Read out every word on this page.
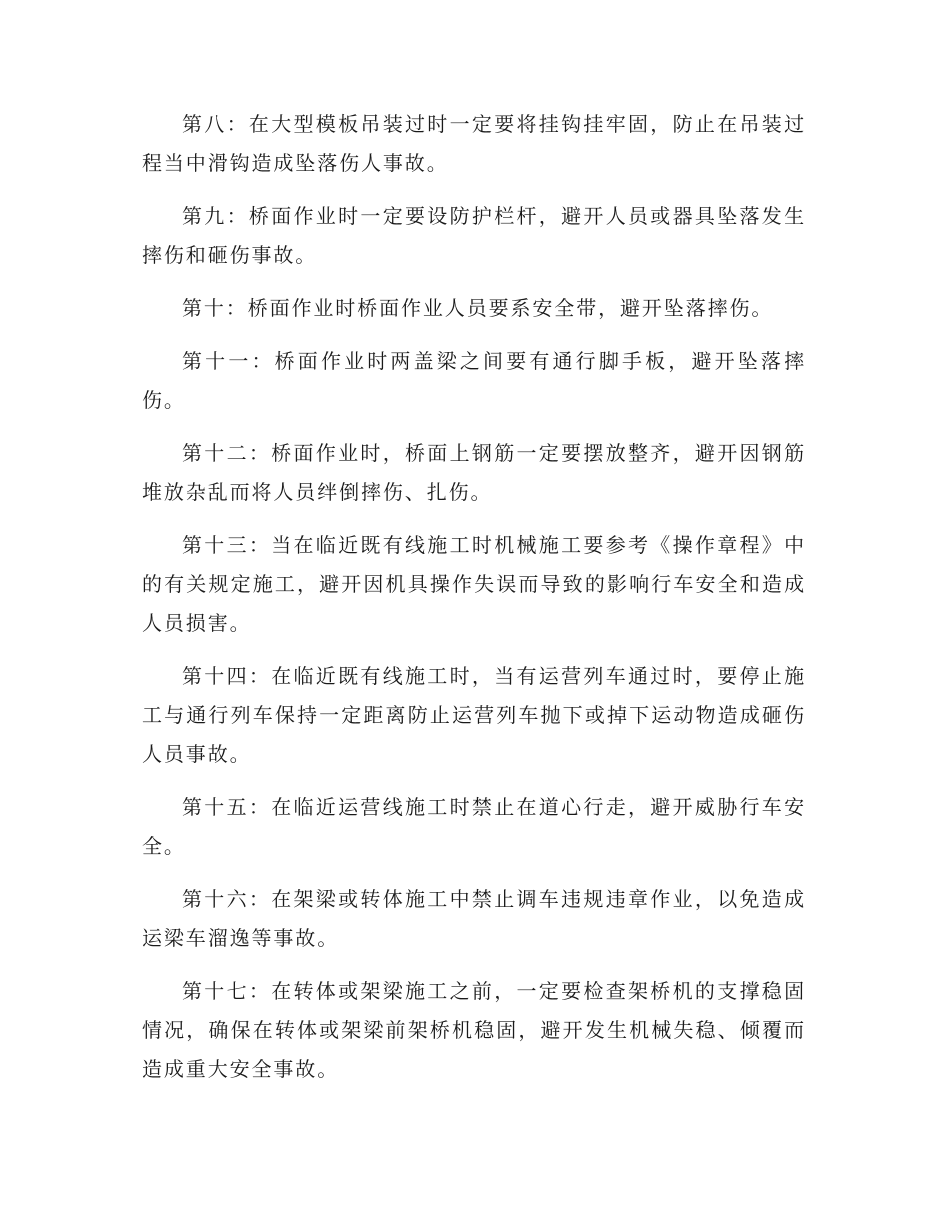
第八：在大型模板吊装过时一定要将挂钩挂牢固，防止在吊装过程当中滑钩造成坠落伤人事故。

第九：桥面作业时一定要设防护栏杆，避开人员或器具坠落发生摔伤和砸伤事故。

第十：桥面作业时桥面作业人员要系安全带，避开坠落摔伤。

第十一：桥面作业时两盖梁之间要有通行脚手板，避开坠落摔伤。

第十二：桥面作业时，桥面上钢筋一定要摆放整齐，避开因钢筋堆放杂乱而将人员绊倒摔伤、扎伤。

第十三：当在临近既有线施工时机械施工要参考《操作章程》中的有关规定施工，避开因机具操作失误而导致的影响行车安全和造成人员损害。

第十四：在临近既有线施工时，当有运营列车通过时，要停止施工与通行列车保持一定距离防止运营列车抛下或掉下运动物造成砸伤人员事故。

第十五：在临近运营线施工时禁止在道心行走，避开威胁行车安全。

第十六：在架梁或转体施工中禁止调车违规违章作业，以免造成运梁车溜逸等事故。

第十七：在转体或架梁施工之前，一定要检查架桥机的支撑稳固情况，确保在转体或架梁前架桥机稳固，避开发生机械失稳、倾覆而造成重大安全事故。
